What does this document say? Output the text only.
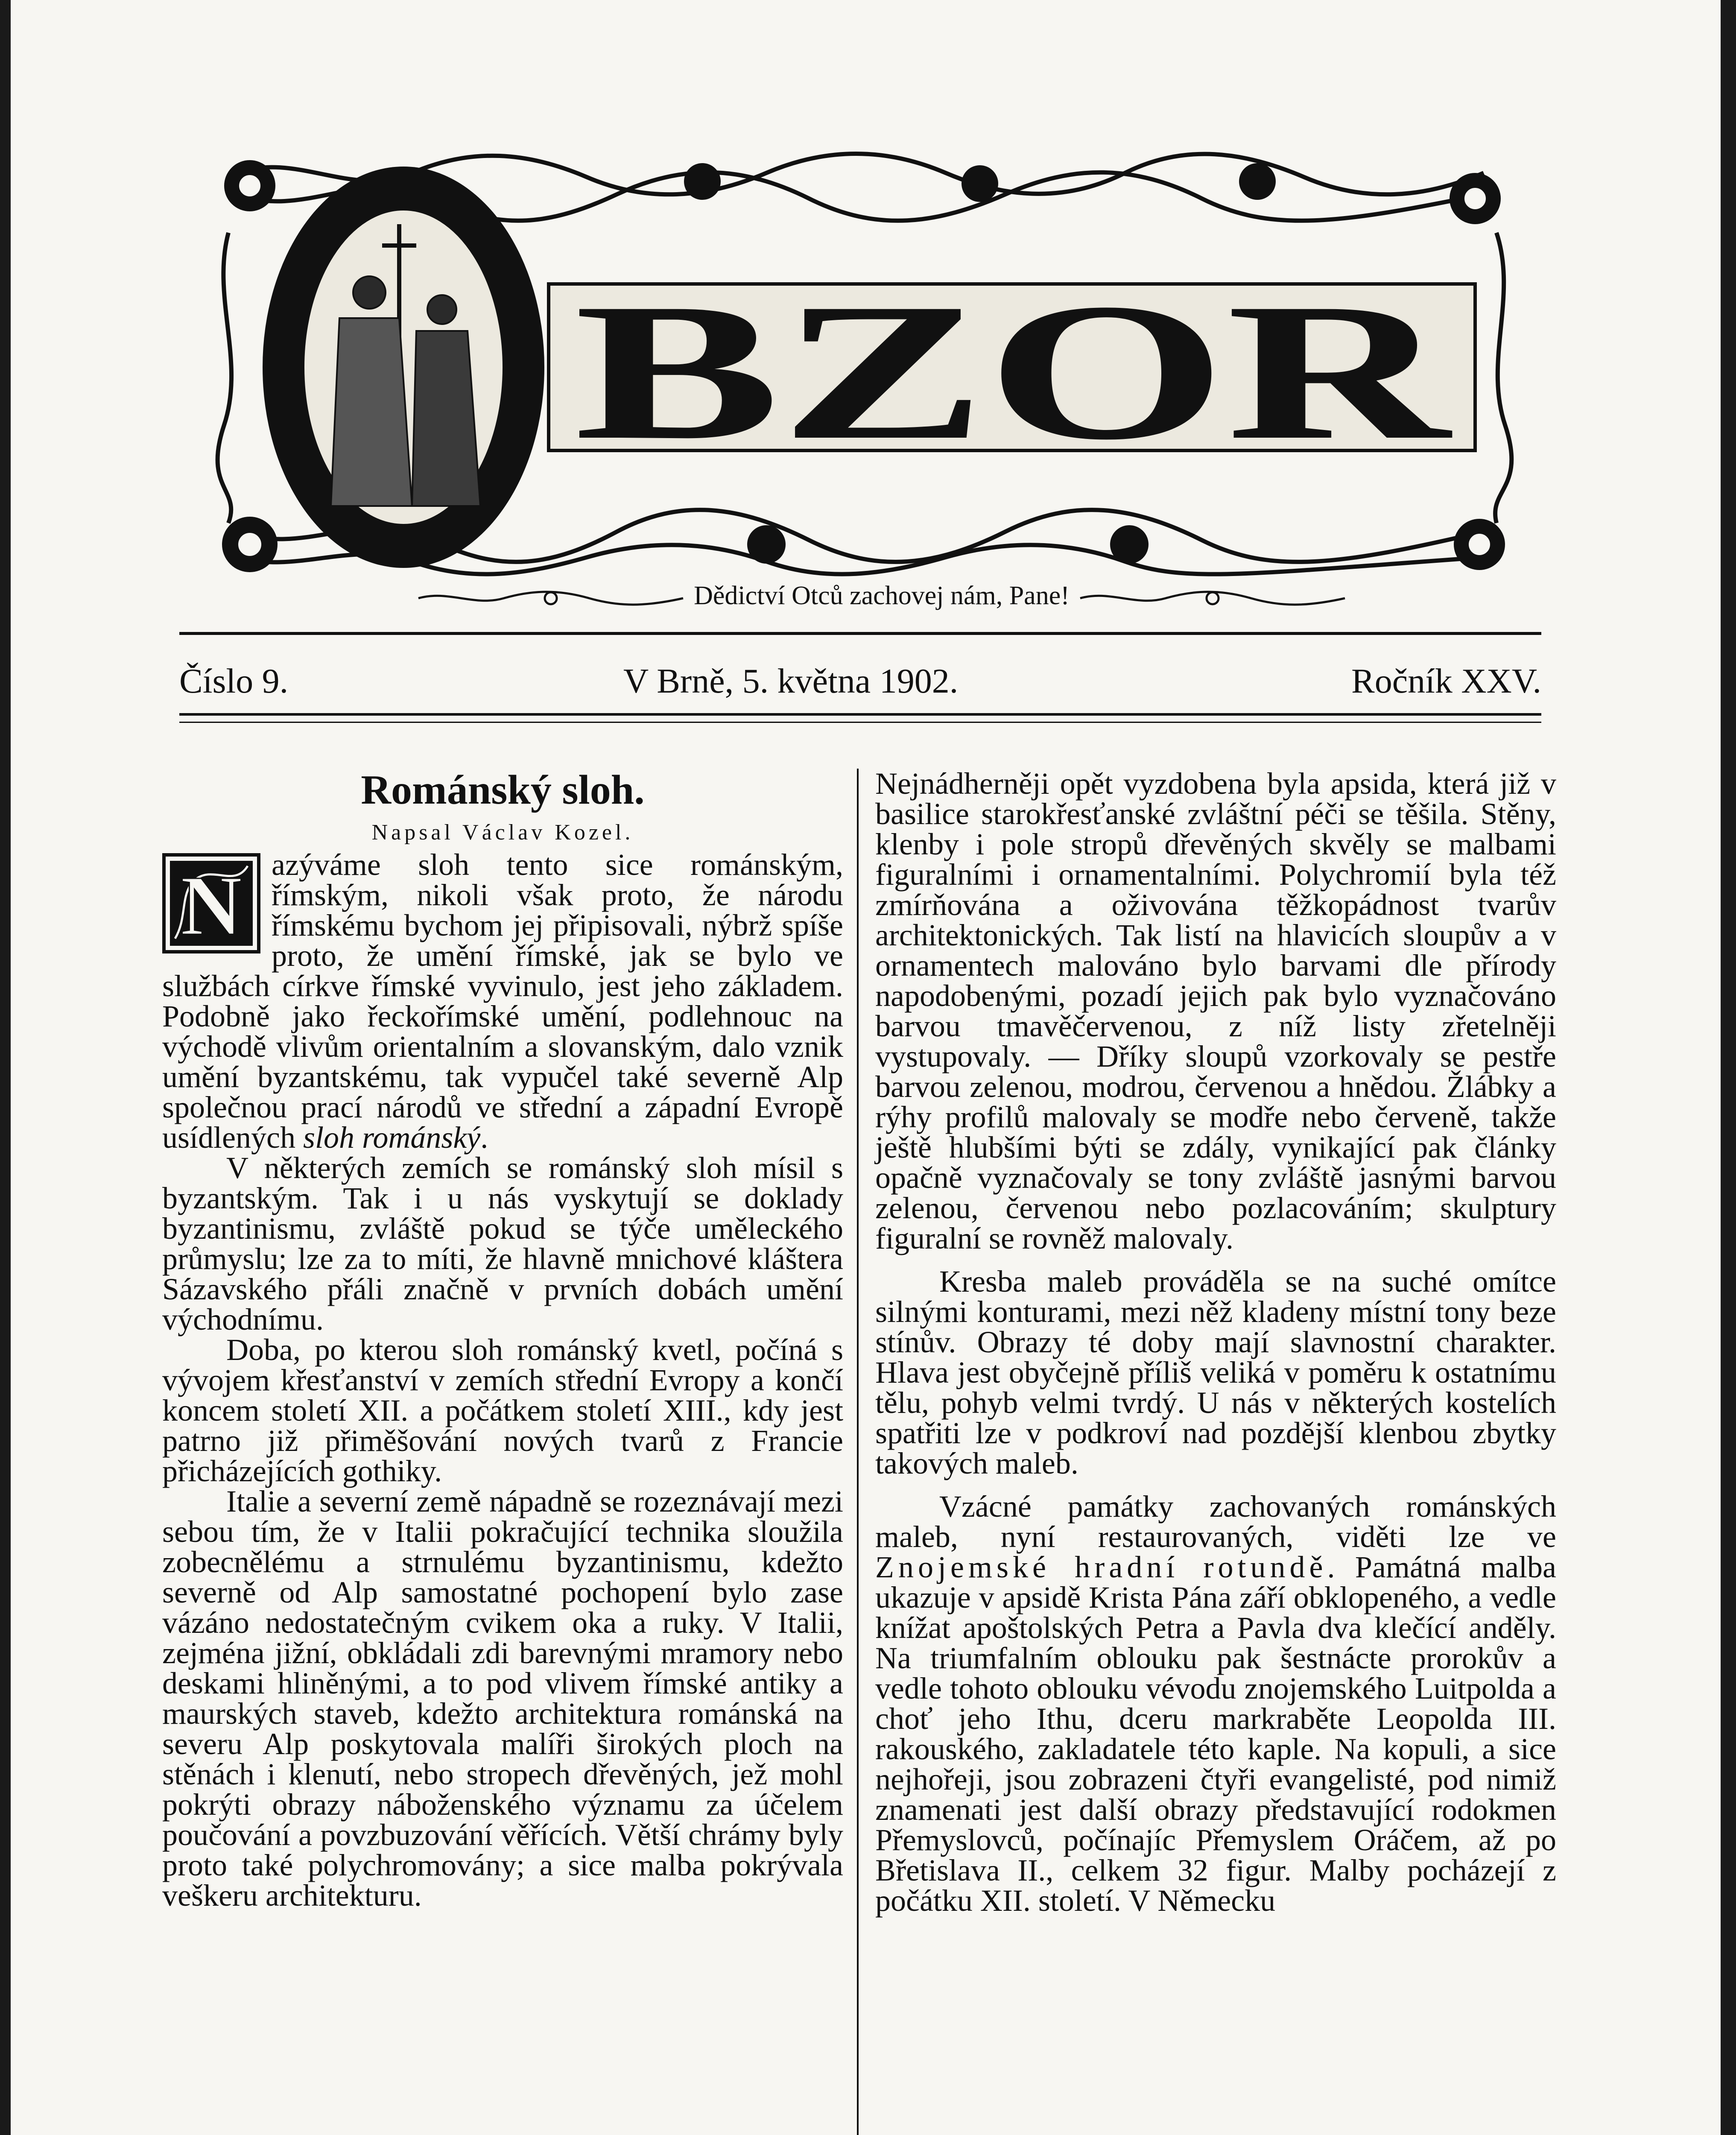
BZOR
Dědictví Otců zachovej nám, Pane!
Číslo 9.	V Brně, 5. května 1902.	Ročník XXV.

Románský sloh.

Napsal Václav Kozel.

N azýváme sloh tento sice románským, římským, nikoli však proto, že národu římskému bychom jej připisovali, nýbrž spíše proto, že umění římské, jak se bylo ve službách církve římské vyvinulo, jest jeho základem. Podobně jako řeckořímské umění, podlehnouc na východě vlivům orientalním a slovanským, dalo vznik umění byzantskému, tak vypučel také severně Alp společnou prací národů ve střední a západní Evropě usídlených sloh románský.

V některých zemích se románský sloh mísil s byzantským. Tak i u nás vyskytují se doklady byzantinismu, zvláště pokud se týče uměleckého průmyslu; lze za to míti, že hlavně mnichové kláštera Sázavského přáli značně v prvních dobách umění východnímu.

Doba, po kterou sloh románský kvetl, počíná s vývojem křesťanství v zemích střední Evropy a končí koncem století XII. a počátkem století XIII., kdy jest patrno již přiměšování nových tvarů z Francie přicházejících gothiky.

Italie a severní země nápadně se rozeznávají mezi sebou tím, že v Italii pokračující technika sloužila zobecnělému a strnulému byzantinismu, kdežto severně od Alp samostatné pochopení bylo zase vázáno nedostatečným cvikem oka a ruky. V Italii, zejména jižní, obkládali zdi barevnými mramory nebo deskami hliněnými, a to pod vlivem římské antiky a maurských staveb, kdežto architektura románská na severu Alp poskytovala malíři širokých ploch na stěnách i klenutí, nebo stropech dřevěných, jež mohl pokrýti obrazy náboženského významu za účelem poučování a povzbuzování věřících. Větší chrámy byly proto také polychromovány; a sice malba pokrývala veškeru architekturu.

Nejnádherněji opět vyzdobena byla apsida, která již v basilice starokřesťanské zvláštní péči se těšila. Stěny, klenby i pole stropů dřevěných skvěly se malbami figuralními i ornamentalními. Polychromií byla též zmírňována a oživována těžkopádnost tvarův architektonických. Tak listí na hlavicích sloupův a v ornamentech malováno bylo barvami dle přírody napodobenými, pozadí jejich pak bylo vyznačováno barvou tmavěčervenou, z níž listy zřetelněji vystupovaly. — Dříky sloupů vzorkovaly se pestře barvou zelenou, modrou, červenou a hnědou. Žlábky a rýhy profilů malovaly se modře nebo červeně, takže ještě hlubšími býti se zdály, vynikající pak články opačně vyznačovaly se tony zvláště jasnými barvou zelenou, červenou nebo pozlacováním; skulptury figuralní se rovněž malovaly.

Kresba maleb prováděla se na suché omítce silnými konturami, mezi něž kladeny místní tony beze stínův. Obrazy té doby mají slavnostní charakter. Hlava jest obyčejně příliš veliká v poměru k ostatnímu tělu, pohyb velmi tvrdý. U nás v některých kostelích spatřiti lze v podkroví nad pozdější klenbou zbytky takových maleb.

Vzácné památky zachovaných románských maleb, nyní restaurovaných, viděti lze ve Znojemské hradní rotundě. Památná malba ukazuje v apsidě Krista Pána září obklopeného, a vedle knížat apoštolských Petra a Pavla dva klečící anděly. Na triumfalním oblouku pak šestnácte prorokův a vedle tohoto oblouku vévodu znojemského Luitpolda a choť jeho Ithu, dceru markraběte Leopolda III. rakouského, zakladatele této kaple. Na kopuli, a sice nejhořeji, jsou zobrazeni čtyři evangelisté, pod nimiž znamenati jest další obrazy představující rodokmen Přemyslovců, počínajíc Přemyslem Oráčem, až po Břetislava II., celkem 32 figur. Malby pocházejí z počátku XII. století. V Německu
